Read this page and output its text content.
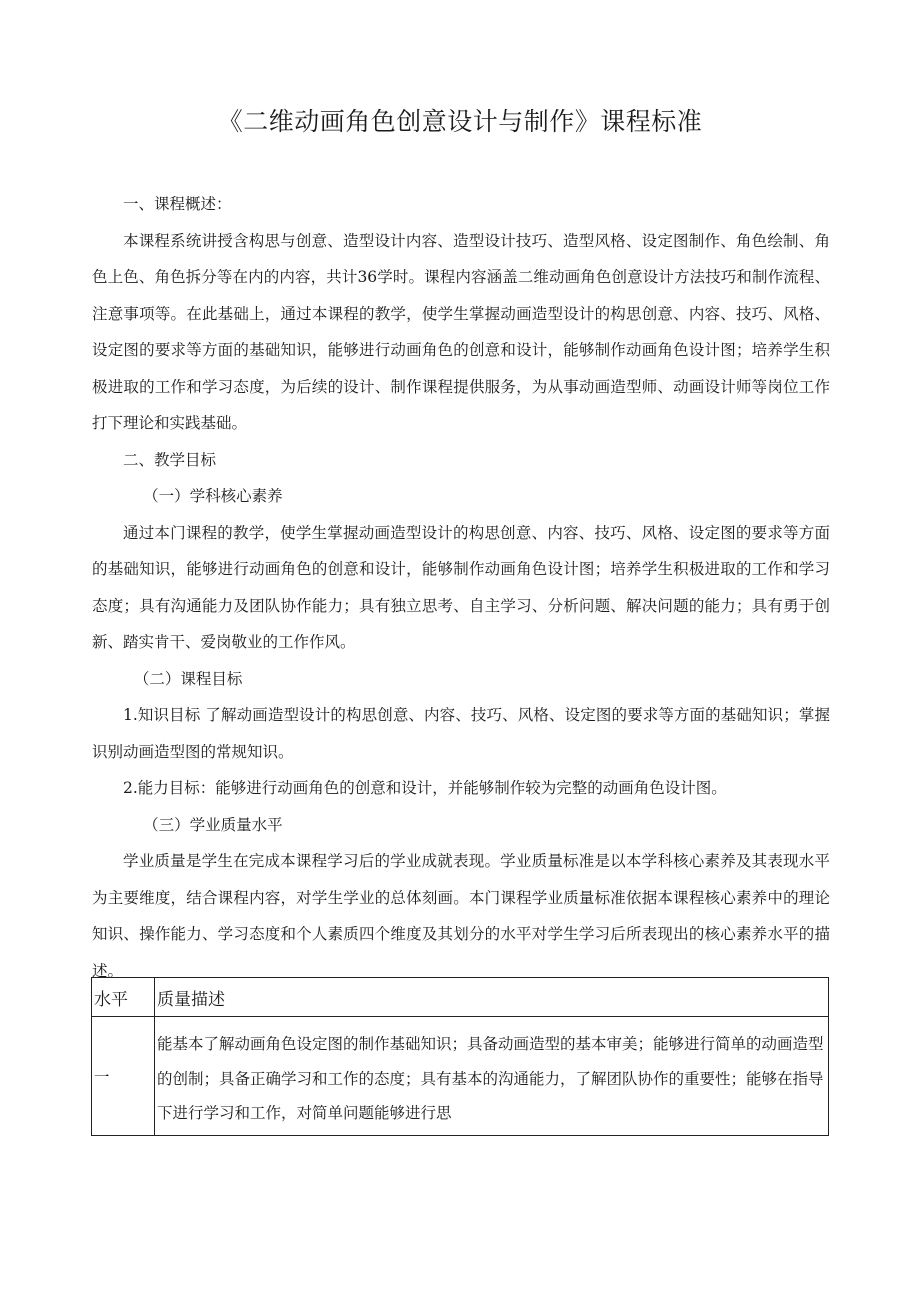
《二维动画角色创意设计与制作》课程标准

一、课程概述：

本课程系统讲授含构思与创意、造型设计内容、造型设计技巧、造型风格、设定图制作、角色绘制、角色上色、角色拆分等在内的内容，共计36学时。课程内容涵盖二维动画角色创意设计方法技巧和制作流程、注意事项等。在此基础上，通过本课程的教学，使学生掌握动画造型设计的构思创意、内容、技巧、风格、设定图的要求等方面的基础知识，能够进行动画角色的创意和设计，能够制作动画角色设计图；培养学生积极进取的工作和学习态度，为后续的设计、制作课程提供服务，为从事动画造型师、动画设计师等岗位工作打下理论和实践基础。

二、教学目标

（一）学科核心素养

通过本门课程的教学，使学生掌握动画造型设计的构思创意、内容、技巧、风格、设定图的要求等方面的基础知识，能够进行动画角色的创意和设计，能够制作动画角色设计图；培养学生积极进取的工作和学习态度；具有沟通能力及团队协作能力；具有独立思考、自主学习、分析问题、解决问题的能力；具有勇于创新、踏实肯干、爱岗敬业的工作作风。

（二）课程目标

1.知识目标 了解动画造型设计的构思创意、内容、技巧、风格、设定图的要求等方面的基础知识；掌握识别动画造型图的常规知识。

2.能力目标：能够进行动画角色的创意和设计，并能够制作较为完整的动画角色设计图。

（三）学业质量水平

学业质量是学生在完成本课程学习后的学业成就表现。学业质量标准是以本学科核心素养及其表现水平为主要维度，结合课程内容，对学生学业的总体刻画。本门课程学业质量标准依据本课程核心素养中的理论知识、操作能力、学习态度和个人素质四个维度及其划分的水平对学生学习后所表现出的核心素养水平的描述。

水平	质量描述
一	能基本了解动画角色设定图的制作基础知识；具备动画造型的基本审美；能够进行简单的动画造型的创制；具备正确学习和工作的态度；具有基本的沟通能力，了解团队协作的重要性；能够在指导下进行学习和工作，对简单问题能够进行思
